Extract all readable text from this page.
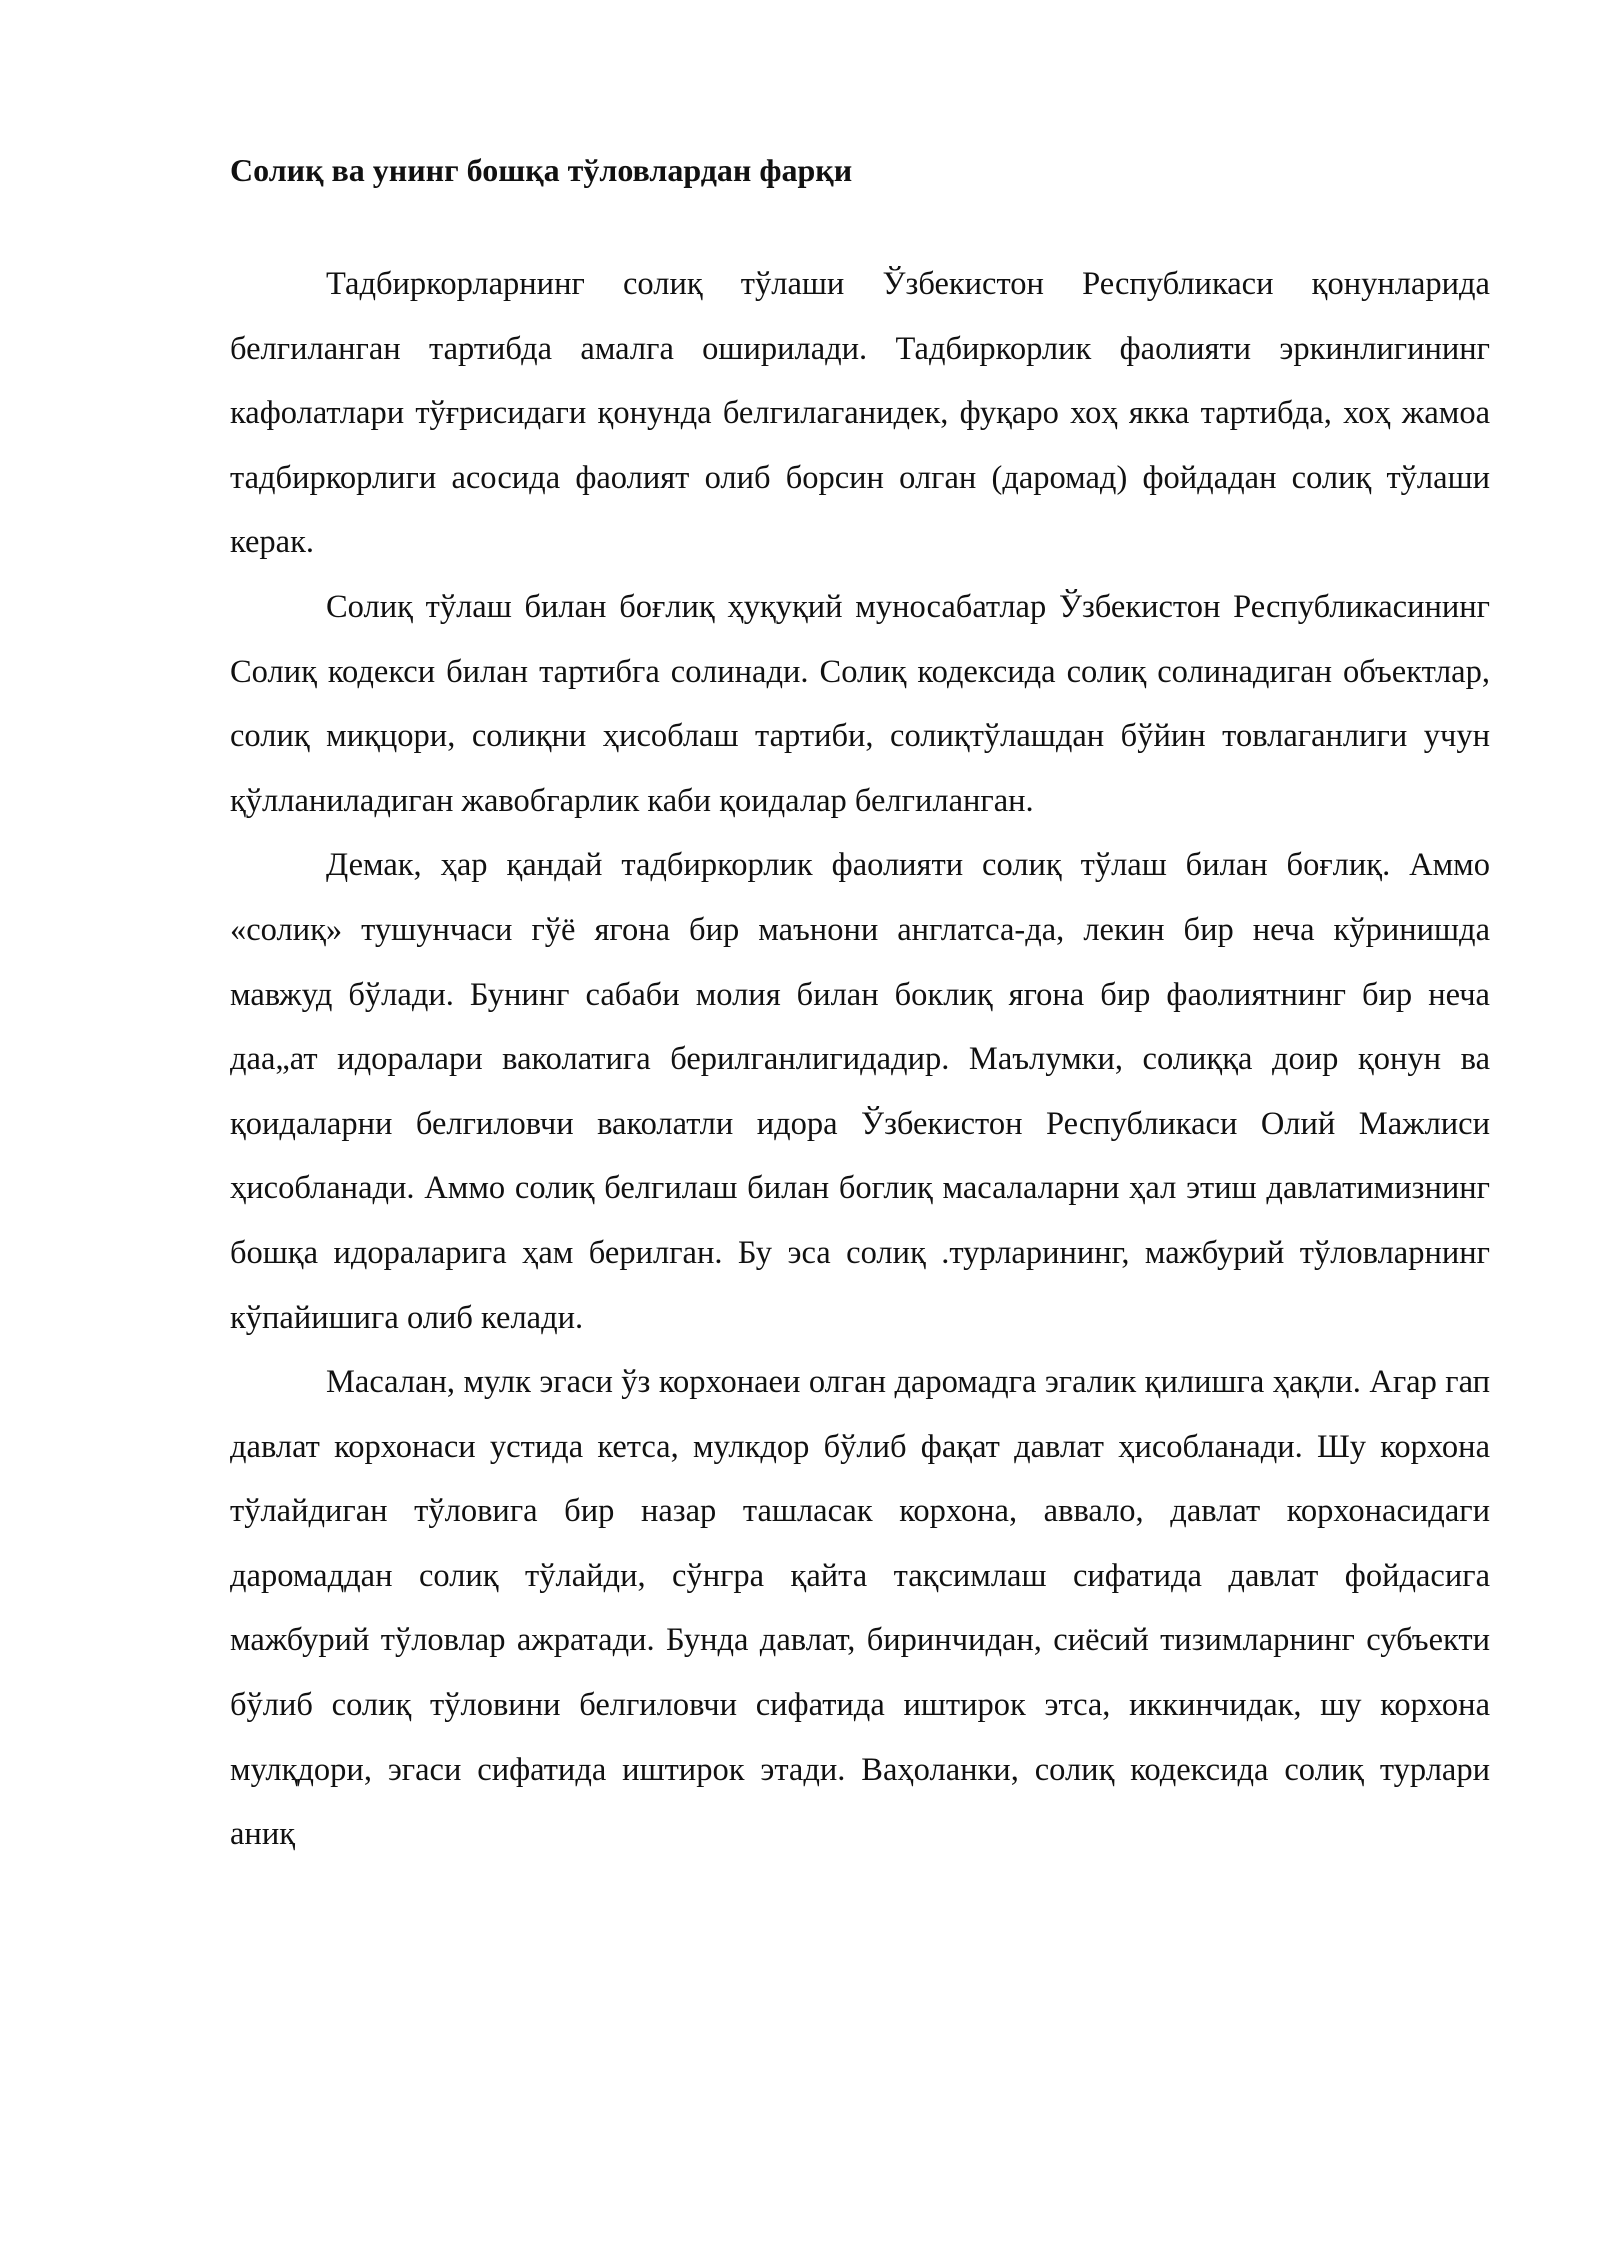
Солиқ ва унинг бошқа тўловлардан фарқи

Тадбиркорларнинг солиқ тўлаши Ўзбекистон Республикаси қонунларида белгиланган тартибда амалга оширилади. Тадбиркорлик фаолияти эркинлигининг кафолатлари тўғрисидаги қонунда белгилаганидек, фуқаро хоҳ якка тартибда, хоҳ жамоа тадбиркорлиги асосида фаолият олиб борсин олган (даромад) фойдадан солиқ тўлаши керак.

Солиқ тўлаш билан боғлиқ ҳуқуқий муносабатлар Ўзбекистон Республикасининг Солиқ кодекси билан тартибга солинади. Солиқ кодексида солиқ солинадиган объектлар, солиқ миқцори, солиқни ҳисоблаш тартиби, солиқтўлашдан бўйин товлаганлиги учун қўлланиладиган жавобгарлик каби қоидалар белгиланган.

Демак, ҳар қандай тадбиркорлик фаолияти солиқ тўлаш билан боғлиқ. Аммо «солиқ» тушунчаси гўё ягона бир маънони англатса-да, лекин бир неча кўринишда мавжуд бўлади. Бунинг сабаби молия билан боклиқ ягона бир фаолиятнинг бир неча даа„ат идоралари ваколатига берилганлигидадир. Маълумки, солиққа доир қонун ва қоидаларни белгиловчи ваколатли идора Ўзбекистон Республикаси Олий Мажлиси ҳисобланади. Аммо солиқ белгилаш билан боглиқ масалаларни ҳал этиш давлатимизнинг бошқа идораларига ҳам берилган. Бу эса солиқ .турларининг, мажбурий тўловларнинг кўпайишига олиб келади.

Масалан, мулк эгаси ўз корхонаеи олган даромадга эгалик қилишга ҳақли. Агар гап давлат корхонаси устида кетса, мулкдор бўлиб фақат давлат ҳисобланади. Шу корхона тўлайдиган тўловига бир назар ташласак корхона, аввало, давлат корхонасидаги даромаддан солиқ тўлайди, сўнгра қайта тақсимлаш сифатида давлат фойдасига мажбурий тўловлар ажратади. Бунда давлат, биринчидан, сиёсий тизимларнинг субъекти бўлиб солиқ тўловини белгиловчи сифатида иштирок этса, иккинчидак, шу корхона мулқдори, эгаси сифатида иштирок этади. Ваҳоланки, солиқ кодексида солиқ турлари аниқ
